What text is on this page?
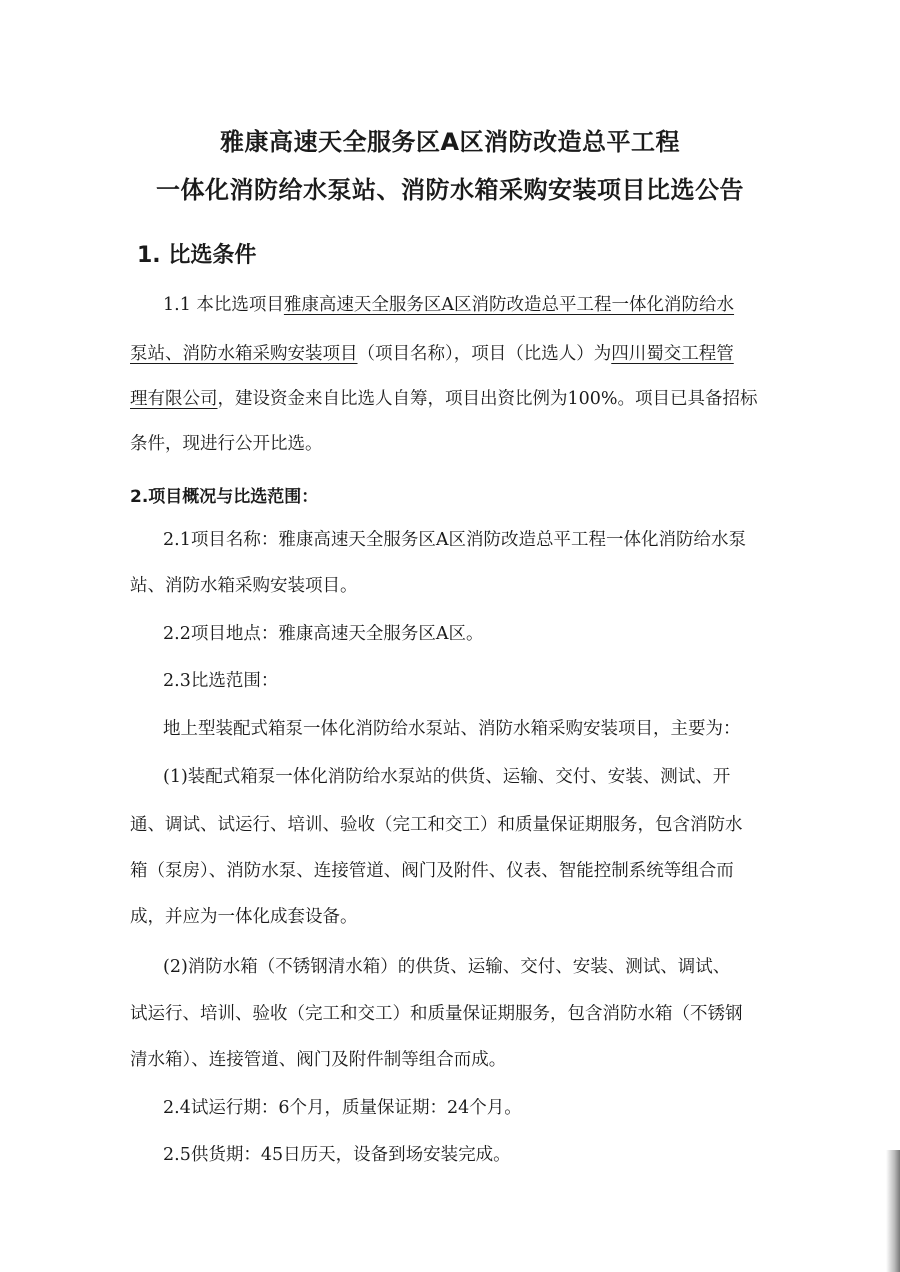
雅康高速天全服务区A区消防改造总平工程
一体化消防给水泵站、消防水箱采购安装项目比选公告
1. 比选条件
1.1 本比选项目雅康高速天全服务区A区消防改造总平工程一体化消防给水
泵站、消防水箱采购安装项目（项目名称），项目（比选人）为四川蜀交工程管
理有限公司，建设资金来自比选人自筹，项目出资比例为100%。项目已具备招标
条件，现进行公开比选。
2.项目概况与比选范围：
2.1项目名称：雅康高速天全服务区A区消防改造总平工程一体化消防给水泵
站、消防水箱采购安装项目。
2.2项目地点：雅康高速天全服务区A区。
2.3比选范围：
地上型装配式箱泵一体化消防给水泵站、消防水箱采购安装项目，主要为：
(1)装配式箱泵一体化消防给水泵站的供货、运输、交付、安装、测试、开
通、调试、试运行、培训、验收（完工和交工）和质量保证期服务，包含消防水
箱（泵房）、消防水泵、连接管道、阀门及附件、仪表、智能控制系统等组合而
成，并应为一体化成套设备。
(2)消防水箱（不锈钢清水箱）的供货、运输、交付、安装、测试、调试、
试运行、培训、验收（完工和交工）和质量保证期服务，包含消防水箱（不锈钢
清水箱）、连接管道、阀门及附件制等组合而成。
2.4试运行期：6个月，质量保证期：24个月。
2.5供货期：45日历天，设备到场安装完成。
